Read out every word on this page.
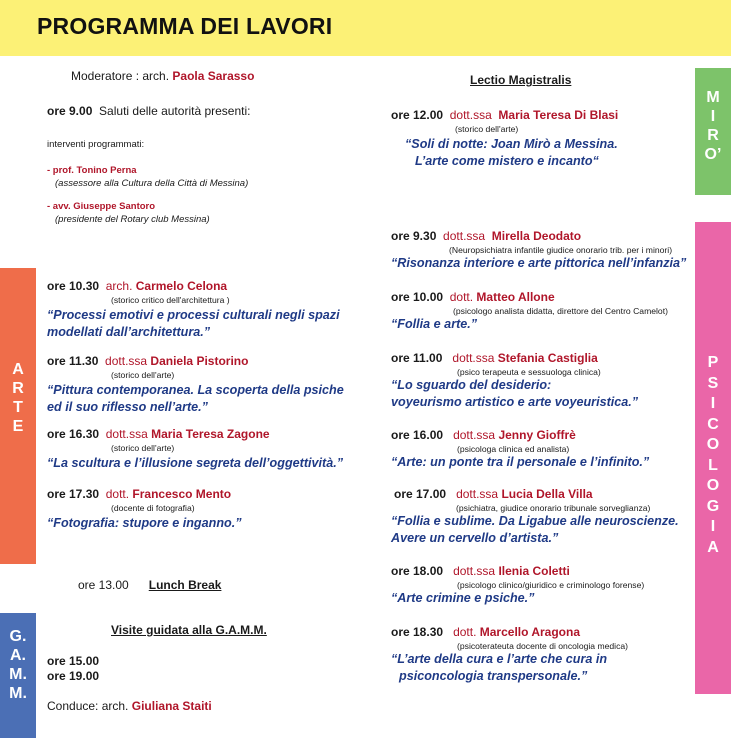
PROGRAMMA DEI LAVORI
A
R
T
E
G.
A.
M.
M.
M
I
R
O’
P
S
I
C
O
L
O
G
I
A
Moderatore : arch. Paola Sarasso
ore 9.00 Saluti delle autorità presenti:
interventi programmati:
- prof. Tonino Perna
(assessore alla Cultura della Città di Messina)
- avv. Giuseppe Santoro
(presidente del Rotary club Messina)
ore 10.30 arch. Carmelo Celona
(storico critico dell'architettura )
“Processi emotivi e processi culturali negli spazi
modellati dall’architettura.”
ore 11.30 dott.ssa Daniela Pistorino
(storico dell'arte)
“Pittura contemporanea. La scoperta della psiche
ed il suo riflesso nell’arte.”
ore 16.30 dott.ssa Maria Teresa Zagone
(storico dell'arte)
“La scultura e l’illusione segreta dell’oggettività.”
ore 17.30 dott. Francesco Mento
(docente di fotografia)
“Fotografia: stupore e inganno.”
ore 13.00 Lunch Break
Visite guidata alla G.A.M.M.
ore 15.00
ore 19.00
Conduce: arch. Giuliana Staiti
Lectio Magistralis
ore 12.00 dott.ssa Maria Teresa Di Blasi
(storico dell'arte)
“Soli di notte: Joan Mirò a Messina.
L’arte come mistero e incanto“
ore 9.30 dott.ssa Mirella Deodato
(Neuropsichiatra infantile giudice onorario trib. per i minori)
“Risonanza interiore e arte pittorica nell’infanzia”
ore 10.00 dott. Matteo Allone
(psicologo analista didatta, direttore del Centro Camelot)
“Follia e arte.”
ore 11.00 dott.ssa Stefania Castiglia
(psico terapeuta e sessuologa clinica)
“Lo sguardo del desiderio:
voyeurismo artistico e arte voyeuristica.”
ore 16.00 dott.ssa Jenny Gioffrè
(psicologa clinica ed analista)
“Arte: un ponte tra il personale e l’infinito.”
ore 17.00 dott.ssa Lucia Della Villa
(psichiatra, giudice onorario tribunale sorveglianza)
“Follia e sublime. Da Ligabue alle neuroscienze.
Avere un cervello d’artista.”
ore 18.00 dott.ssa Ilenia Coletti
(psicologo clinico/giuridico e criminologo forense)
“Arte crimine e psiche.”
ore 18.30 dott. Marcello Aragona
(psicoterateuta docente di oncologia medica)
“L’arte della cura e l’arte che cura in
psiconcologia transpersonale.”
